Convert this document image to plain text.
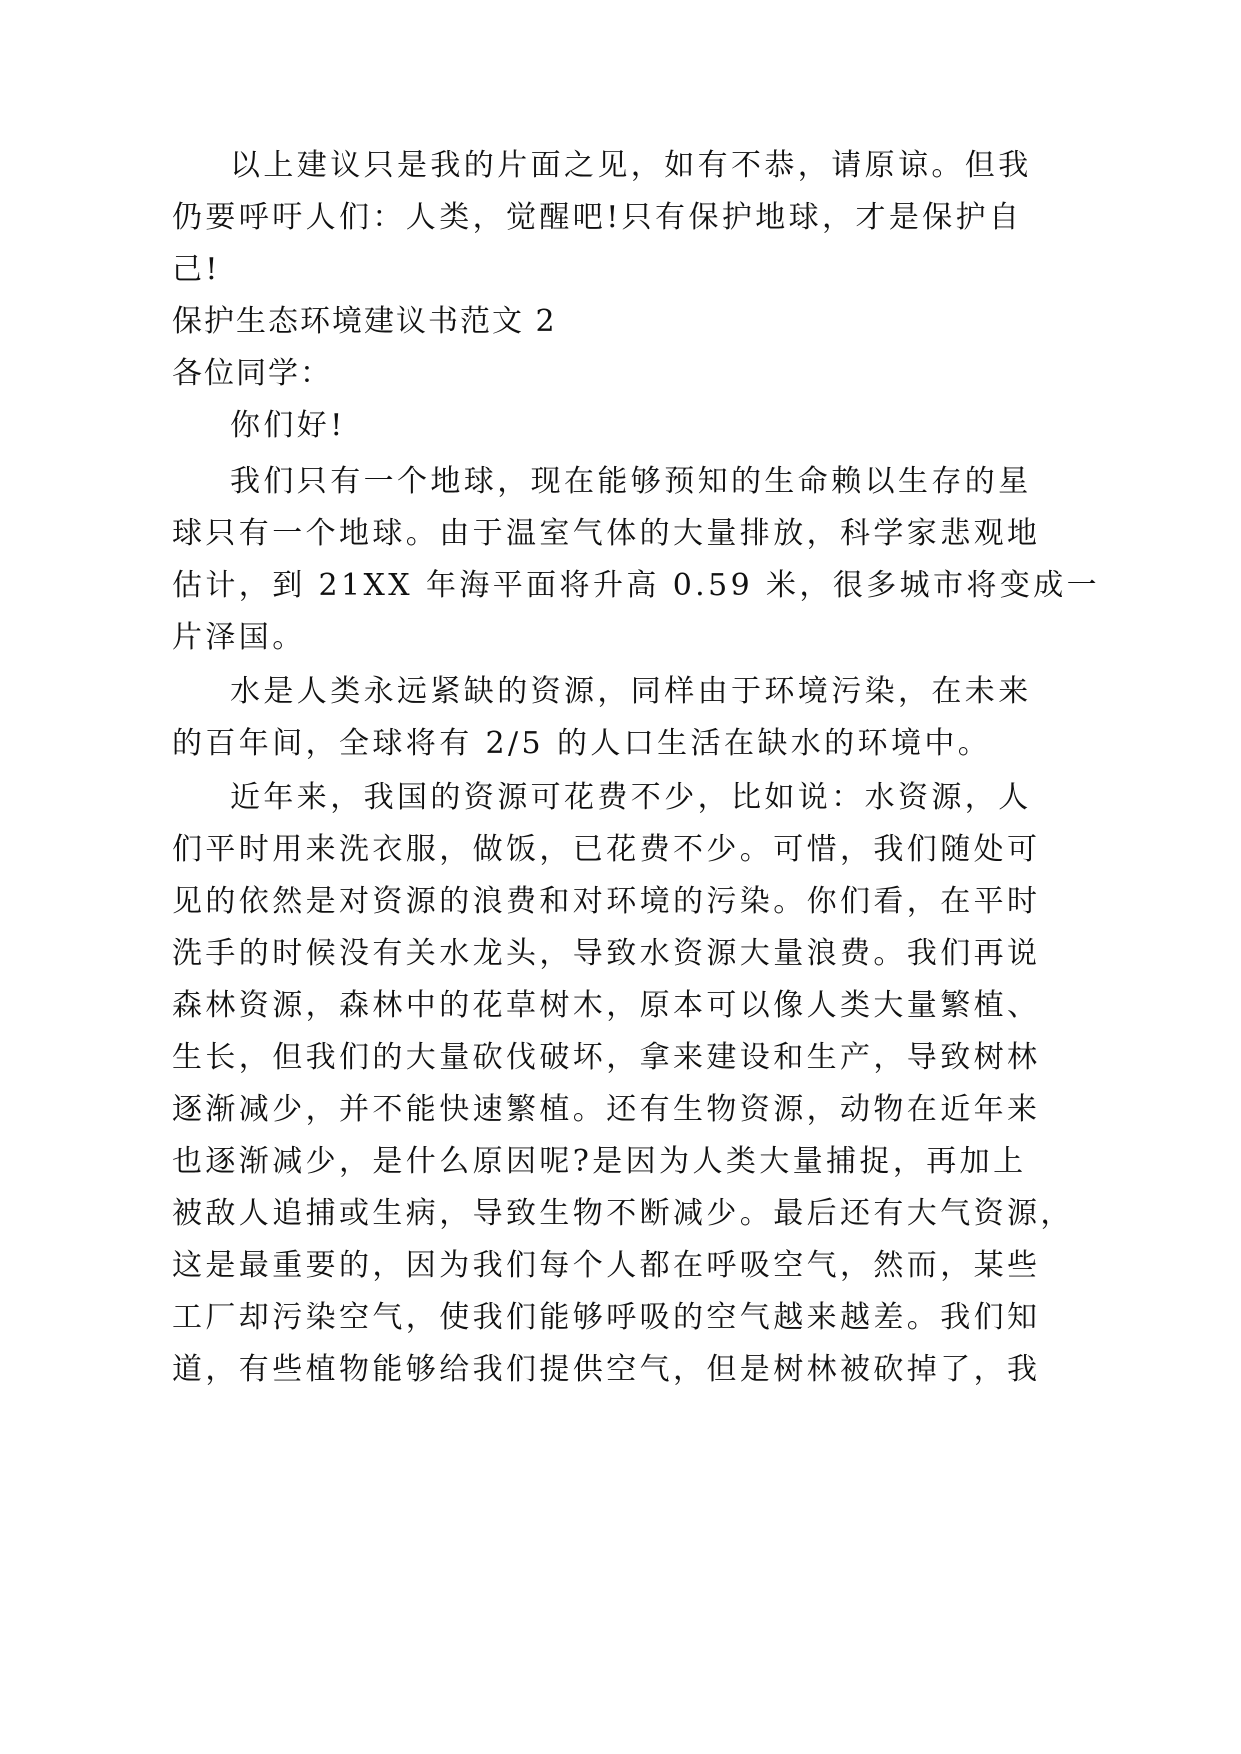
以上建议只是我的片面之见，如有不恭，请原谅。但我
仍要呼吁人们：人类，觉醒吧!只有保护地球，才是保护自
己!
保护生态环境建议书范文 2
各位同学：
你们好!
我们只有一个地球，现在能够预知的生命赖以生存的星
球只有一个地球。由于温室气体的大量排放，科学家悲观地
估计，到 21XX 年海平面将升高 0.59 米，很多城市将变成一
片泽国。
水是人类永远紧缺的资源，同样由于环境污染，在未来
的百年间，全球将有 2/5 的人口生活在缺水的环境中。
近年来，我国的资源可花费不少，比如说：水资源，人
们平时用来洗衣服，做饭，已花费不少。可惜，我们随处可
见的依然是对资源的浪费和对环境的污染。你们看，在平时
洗手的时候没有关水龙头，导致水资源大量浪费。我们再说
森林资源，森林中的花草树木，原本可以像人类大量繁植、
生长，但我们的大量砍伐破坏，拿来建设和生产，导致树林
逐渐减少，并不能快速繁植。还有生物资源，动物在近年来
也逐渐减少，是什么原因呢?是因为人类大量捕捉，再加上
被敌人追捕或生病，导致生物不断减少。最后还有大气资源，
这是最重要的，因为我们每个人都在呼吸空气，然而，某些
工厂却污染空气，使我们能够呼吸的空气越来越差。我们知
道，有些植物能够给我们提供空气，但是树林被砍掉了，我
